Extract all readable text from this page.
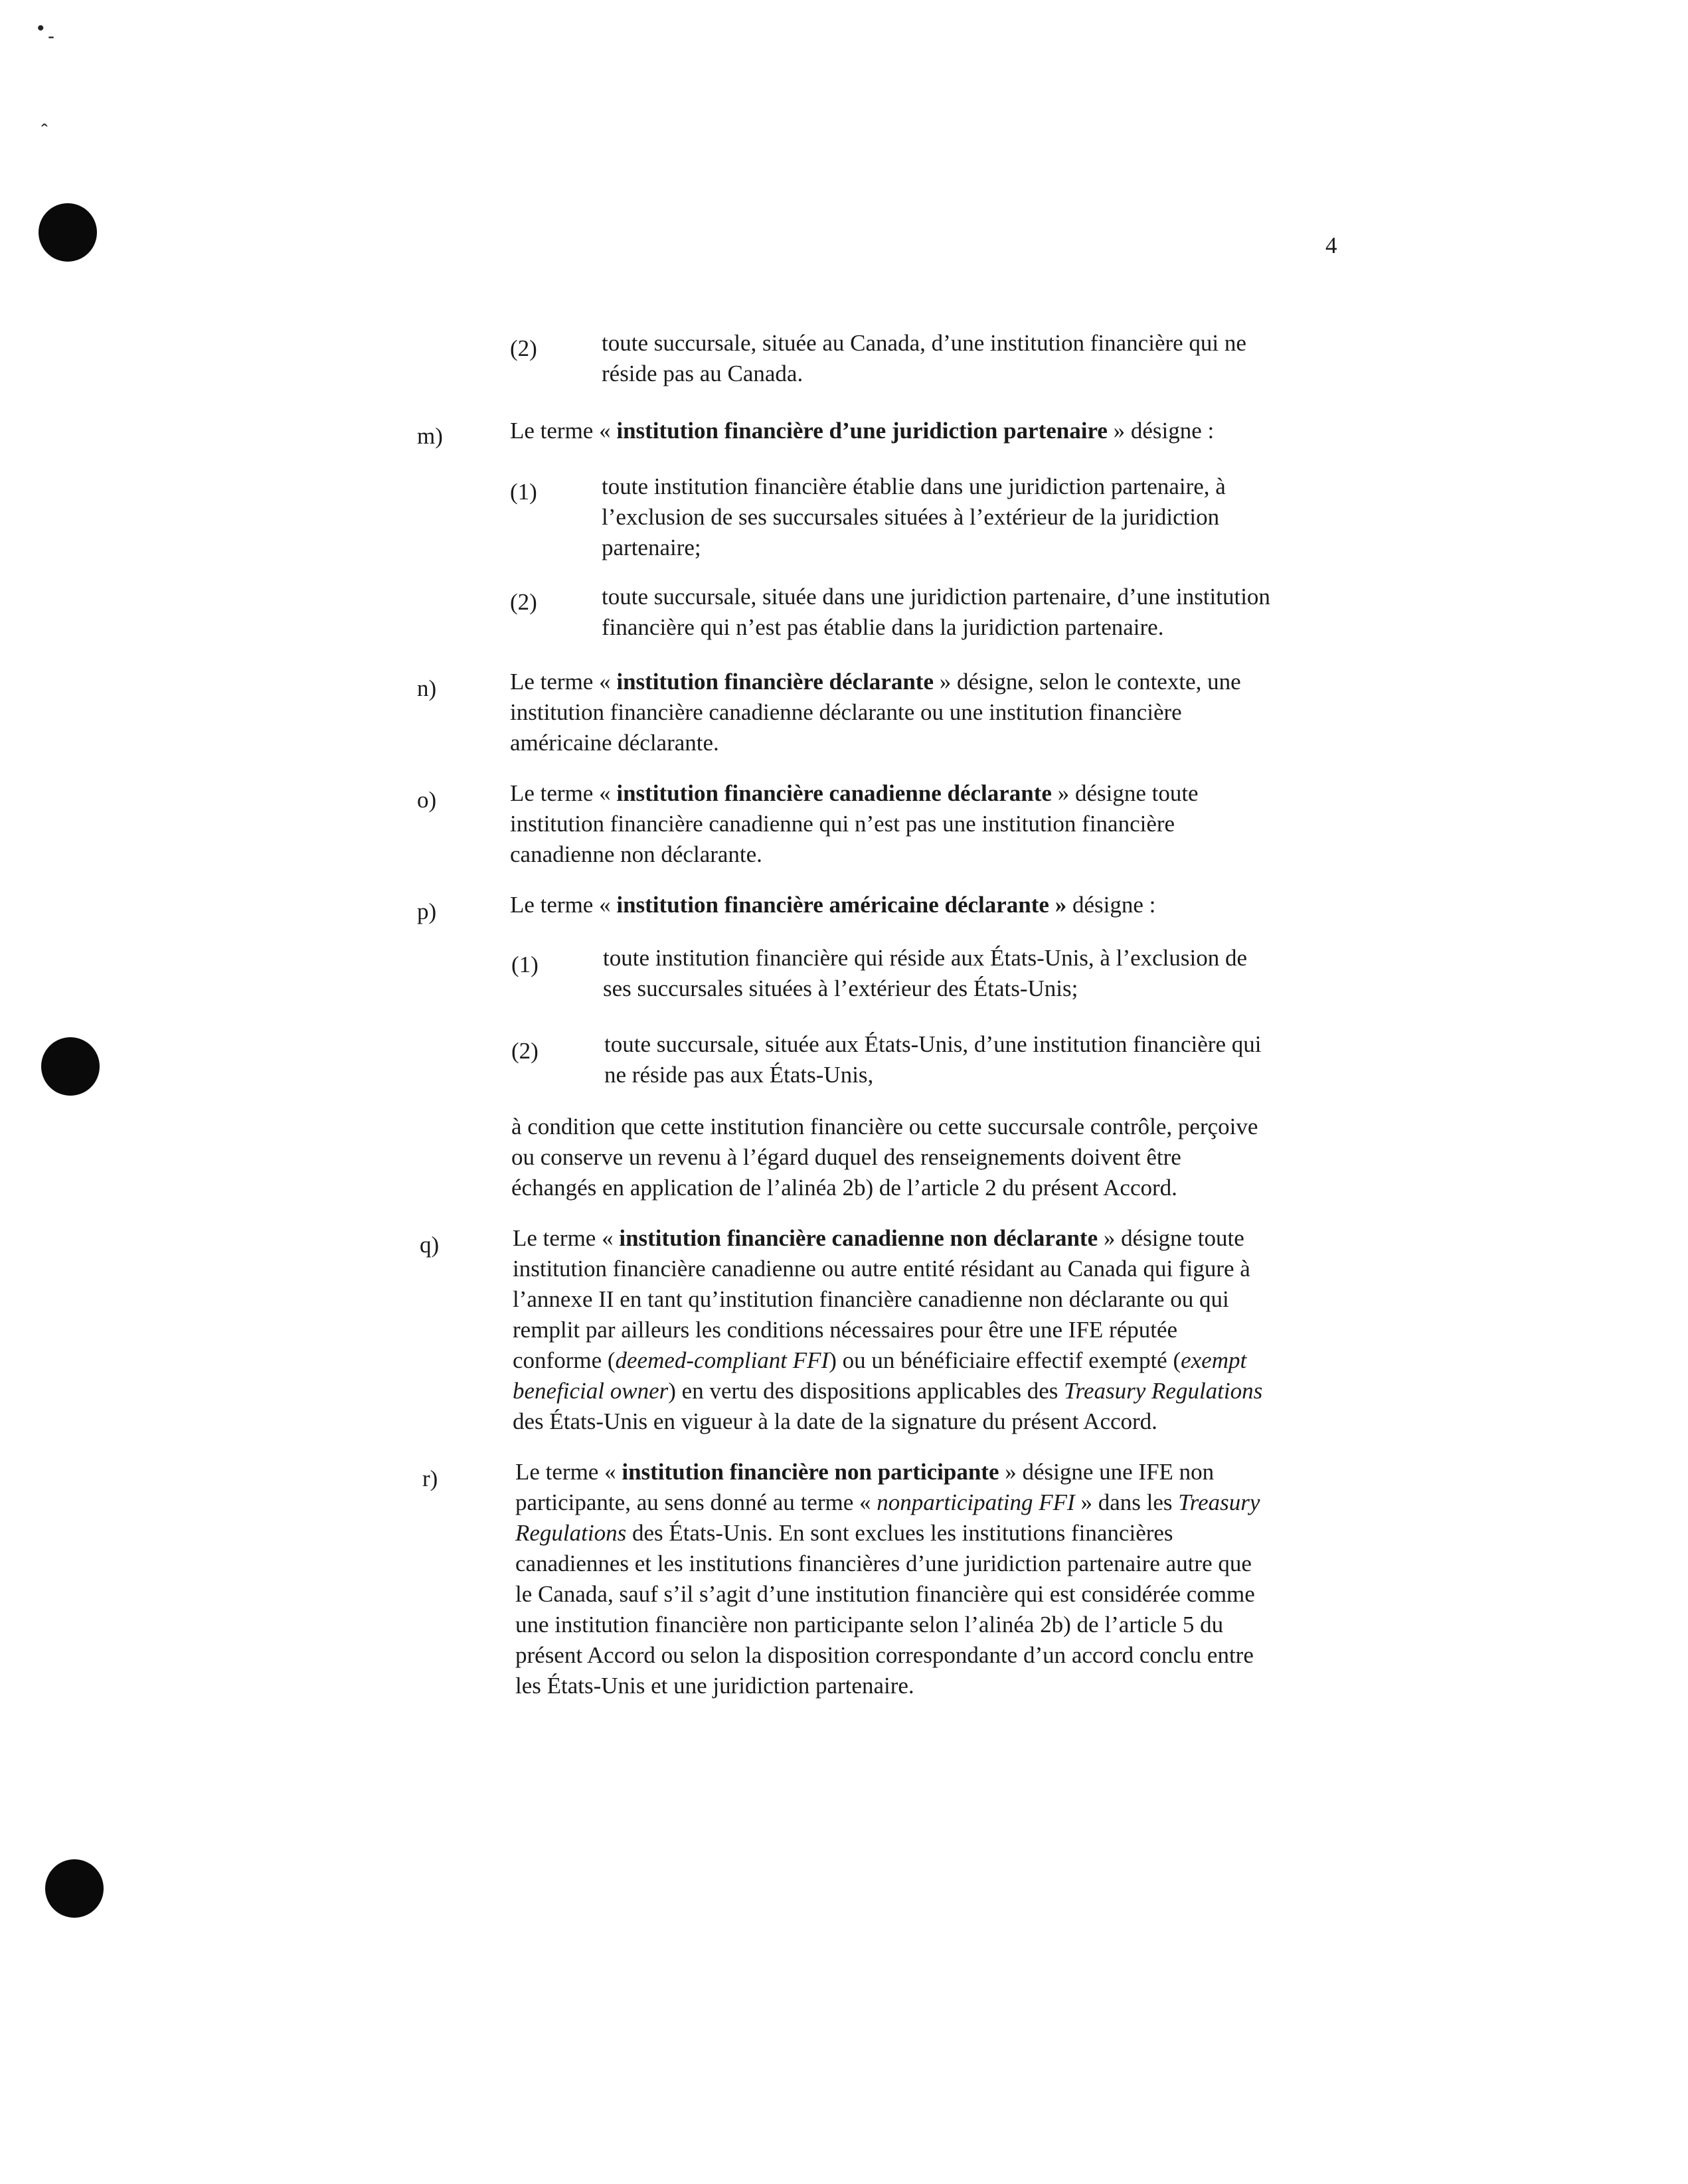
• -
ˆ
4
(2)	toute succursale, située au Canada, d’une institution financière qui ne
réside pas au Canada.
m)	Le terme « institution financière d’une juridiction partenaire » désigne :
(1)	toute institution financière établie dans une juridiction partenaire, à
l’exclusion de ses succursales situées à l’extérieur de la juridiction
partenaire;
(2)	toute succursale, située dans une juridiction partenaire, d’une institution
financière qui n’est pas établie dans la juridiction partenaire.
n)	Le terme « institution financière déclarante » désigne, selon le contexte, une
institution financière canadienne déclarante ou une institution financière
américaine déclarante.
o)	Le terme « institution financière canadienne déclarante » désigne toute
institution financière canadienne qui n’est pas une institution financière
canadienne non déclarante.
p)	Le terme « institution financière américaine déclarante » désigne :
(1)	toute institution financière qui réside aux États-Unis, à l’exclusion de
ses succursales situées à l’extérieur des États-Unis;
(2)	toute succursale, située aux États-Unis, d’une institution financière qui
ne réside pas aux États-Unis,
à condition que cette institution financière ou cette succursale contrôle, perçoive
ou conserve un revenu à l’égard duquel des renseignements doivent être
échangés en application de l’alinéa 2b) de l’article 2 du présent Accord.
q)	Le terme « institution financière canadienne non déclarante » désigne toute
institution financière canadienne ou autre entité résidant au Canada qui figure à
l’annexe II en tant qu’institution financière canadienne non déclarante ou qui
remplit par ailleurs les conditions nécessaires pour être une IFE réputée
conforme (deemed-compliant FFI) ou un bénéficiaire effectif exempté (exempt
beneficial owner) en vertu des dispositions applicables des Treasury Regulations
des États-Unis en vigueur à la date de la signature du présent Accord.
r)	Le terme « institution financière non participante » désigne une IFE non
participante, au sens donné au terme « nonparticipating FFI » dans les Treasury
Regulations des États-Unis. En sont exclues les institutions financières
canadiennes et les institutions financières d’une juridiction partenaire autre que
le Canada, sauf s’il s’agit d’une institution financière qui est considérée comme
une institution financière non participante selon l’alinéa 2b) de l’article 5 du
présent Accord ou selon la disposition correspondante d’un accord conclu entre
les États-Unis et une juridiction partenaire.
